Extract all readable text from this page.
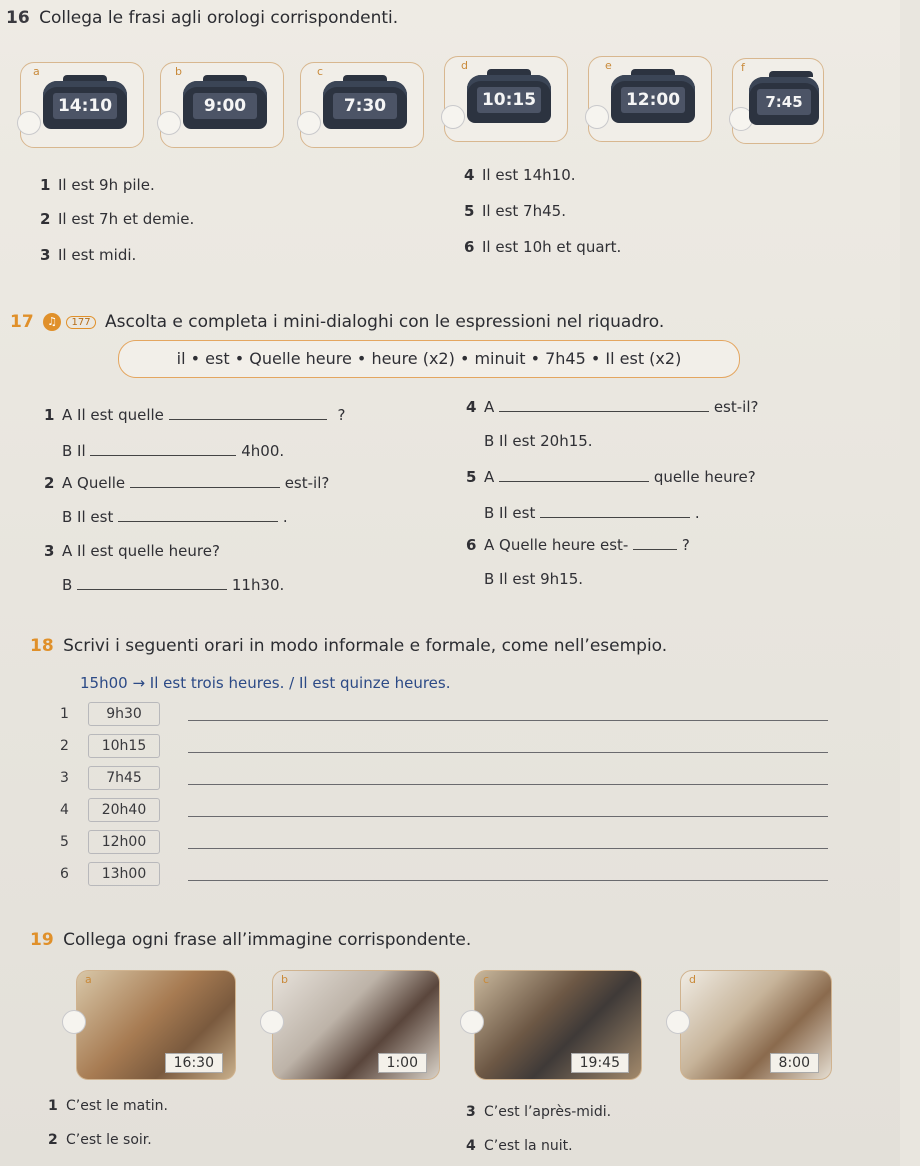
16 Collega le frasi agli orologi corrispondenti.
a
14:10
b
9:00
c
7:30
d
10:15
e
12:00
f
7:45
1 Il est 9h pile.
2 Il est 7h et demie.
3 Il est midi.
4 Il est 14h10.
5 Il est 7h45.
6 Il est 10h et quart.
17 ♫ 177 Ascolta e completa i mini-dialoghi con le espressioni nel riquadro.
il • est • Quelle heure • heure (x2) • minuit • 7h45 • Il est (x2)
1 A Il est quelle	?
B Il	4h00.
2 A Quelle	est-il?
B Il est	.
3 A Il est quelle heure?
B	11h30.
4 A	est-il?
B Il est 20h15.
5 A	quelle heure?
B Il est	.
6 A Quelle heure est-	?
B Il est 9h15.
18 Scrivi i seguenti orari in modo informale e formale, come nell’esempio.
15h00 → Il est trois heures. / Il est quinze heures.
1	9h30
2	10h15
3	7h45
4	20h40
5	12h00
6	13h00
19 Collega ogni frase all’immagine corrispondente.
a
16:30
b
1:00
c
19:45
d
8:00
1 C’est le matin.
2 C’est le soir.
3 C’est l’après-midi.
4 C’est la nuit.
